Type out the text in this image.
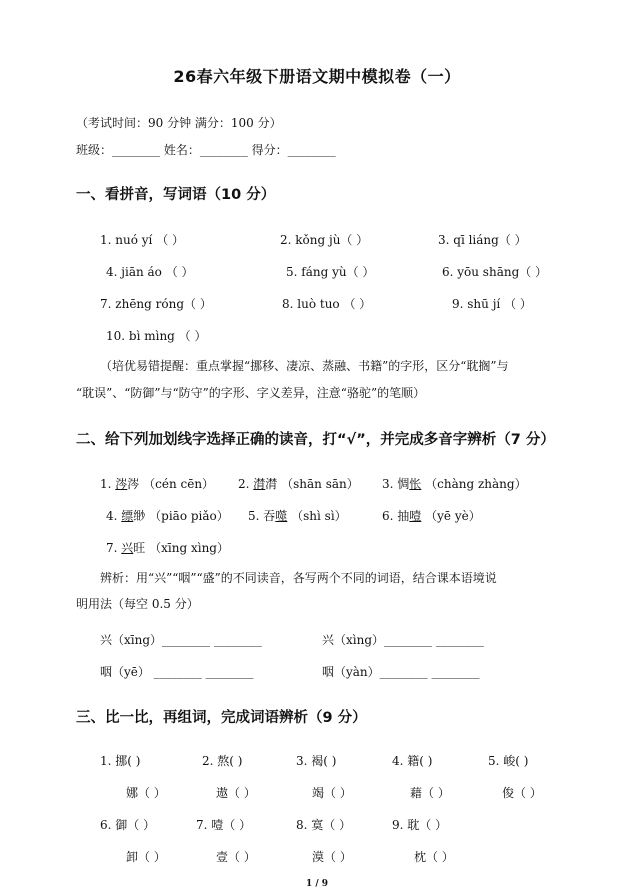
26春六年级下册语文期中模拟卷（一）
（考试时间：90 分钟 满分：100 分）
班级：________ 姓名：________ 得分：________
一、看拼音，写词语（10 分）
1. nuó yí （ ）	2. kǒng jù（ ）	3. qī liáng（ ）
4. jiān áo （ ）	5. fáng yù（ ）	6. yōu shāng（ ）
7. zhēng róng（ ）	8. luò tuo （ ）	9. shū jí （ ）
10. bì mìng （ ）
（培优易错提醒：重点掌握“挪移、凄凉、蒸融、书籍”的字形，区分“耽搁”与
“耽误”、“防御”与“防守”的字形、字义差异，注意“骆驼”的笔顺）
二、给下列加划线字选择正确的读音，打“√”，并完成多音字辨析（7 分）
1. 涔涔 （cén cēn） 2. 潸潸 （shān sān） 3. 惆怅 （chàng zhàng）
4. 缥缈 （piāo piǎo） 5. 吞噬 （shì sì）	6. 抽噎 （yē yè）
7. 兴旺 （xīng xìng）
辨析：用“兴”“咽”“盛”的不同读音，各写两个不同的词语，结合课本语境说
明用法（每空 0.5 分）
兴（xīng）________ ________	兴（xìng）________ ________
咽（yē） ________ ________	咽（yàn）________ ________
三、比一比，再组词，完成词语辨析（9 分）
1. 挪( )	2. 熬( )	3. 褐( )	4. 籍( )	5. 峻( )
娜（ ）	遨（ ）	竭（ ）	藉（ ）	俊（ ）
6. 御（ ）	7. 噎（ ）	8. 寞（ ）	9. 耽（ ）
卸（ ）	壹（ ）	漠（ ）	枕（ ）
1 / 9
